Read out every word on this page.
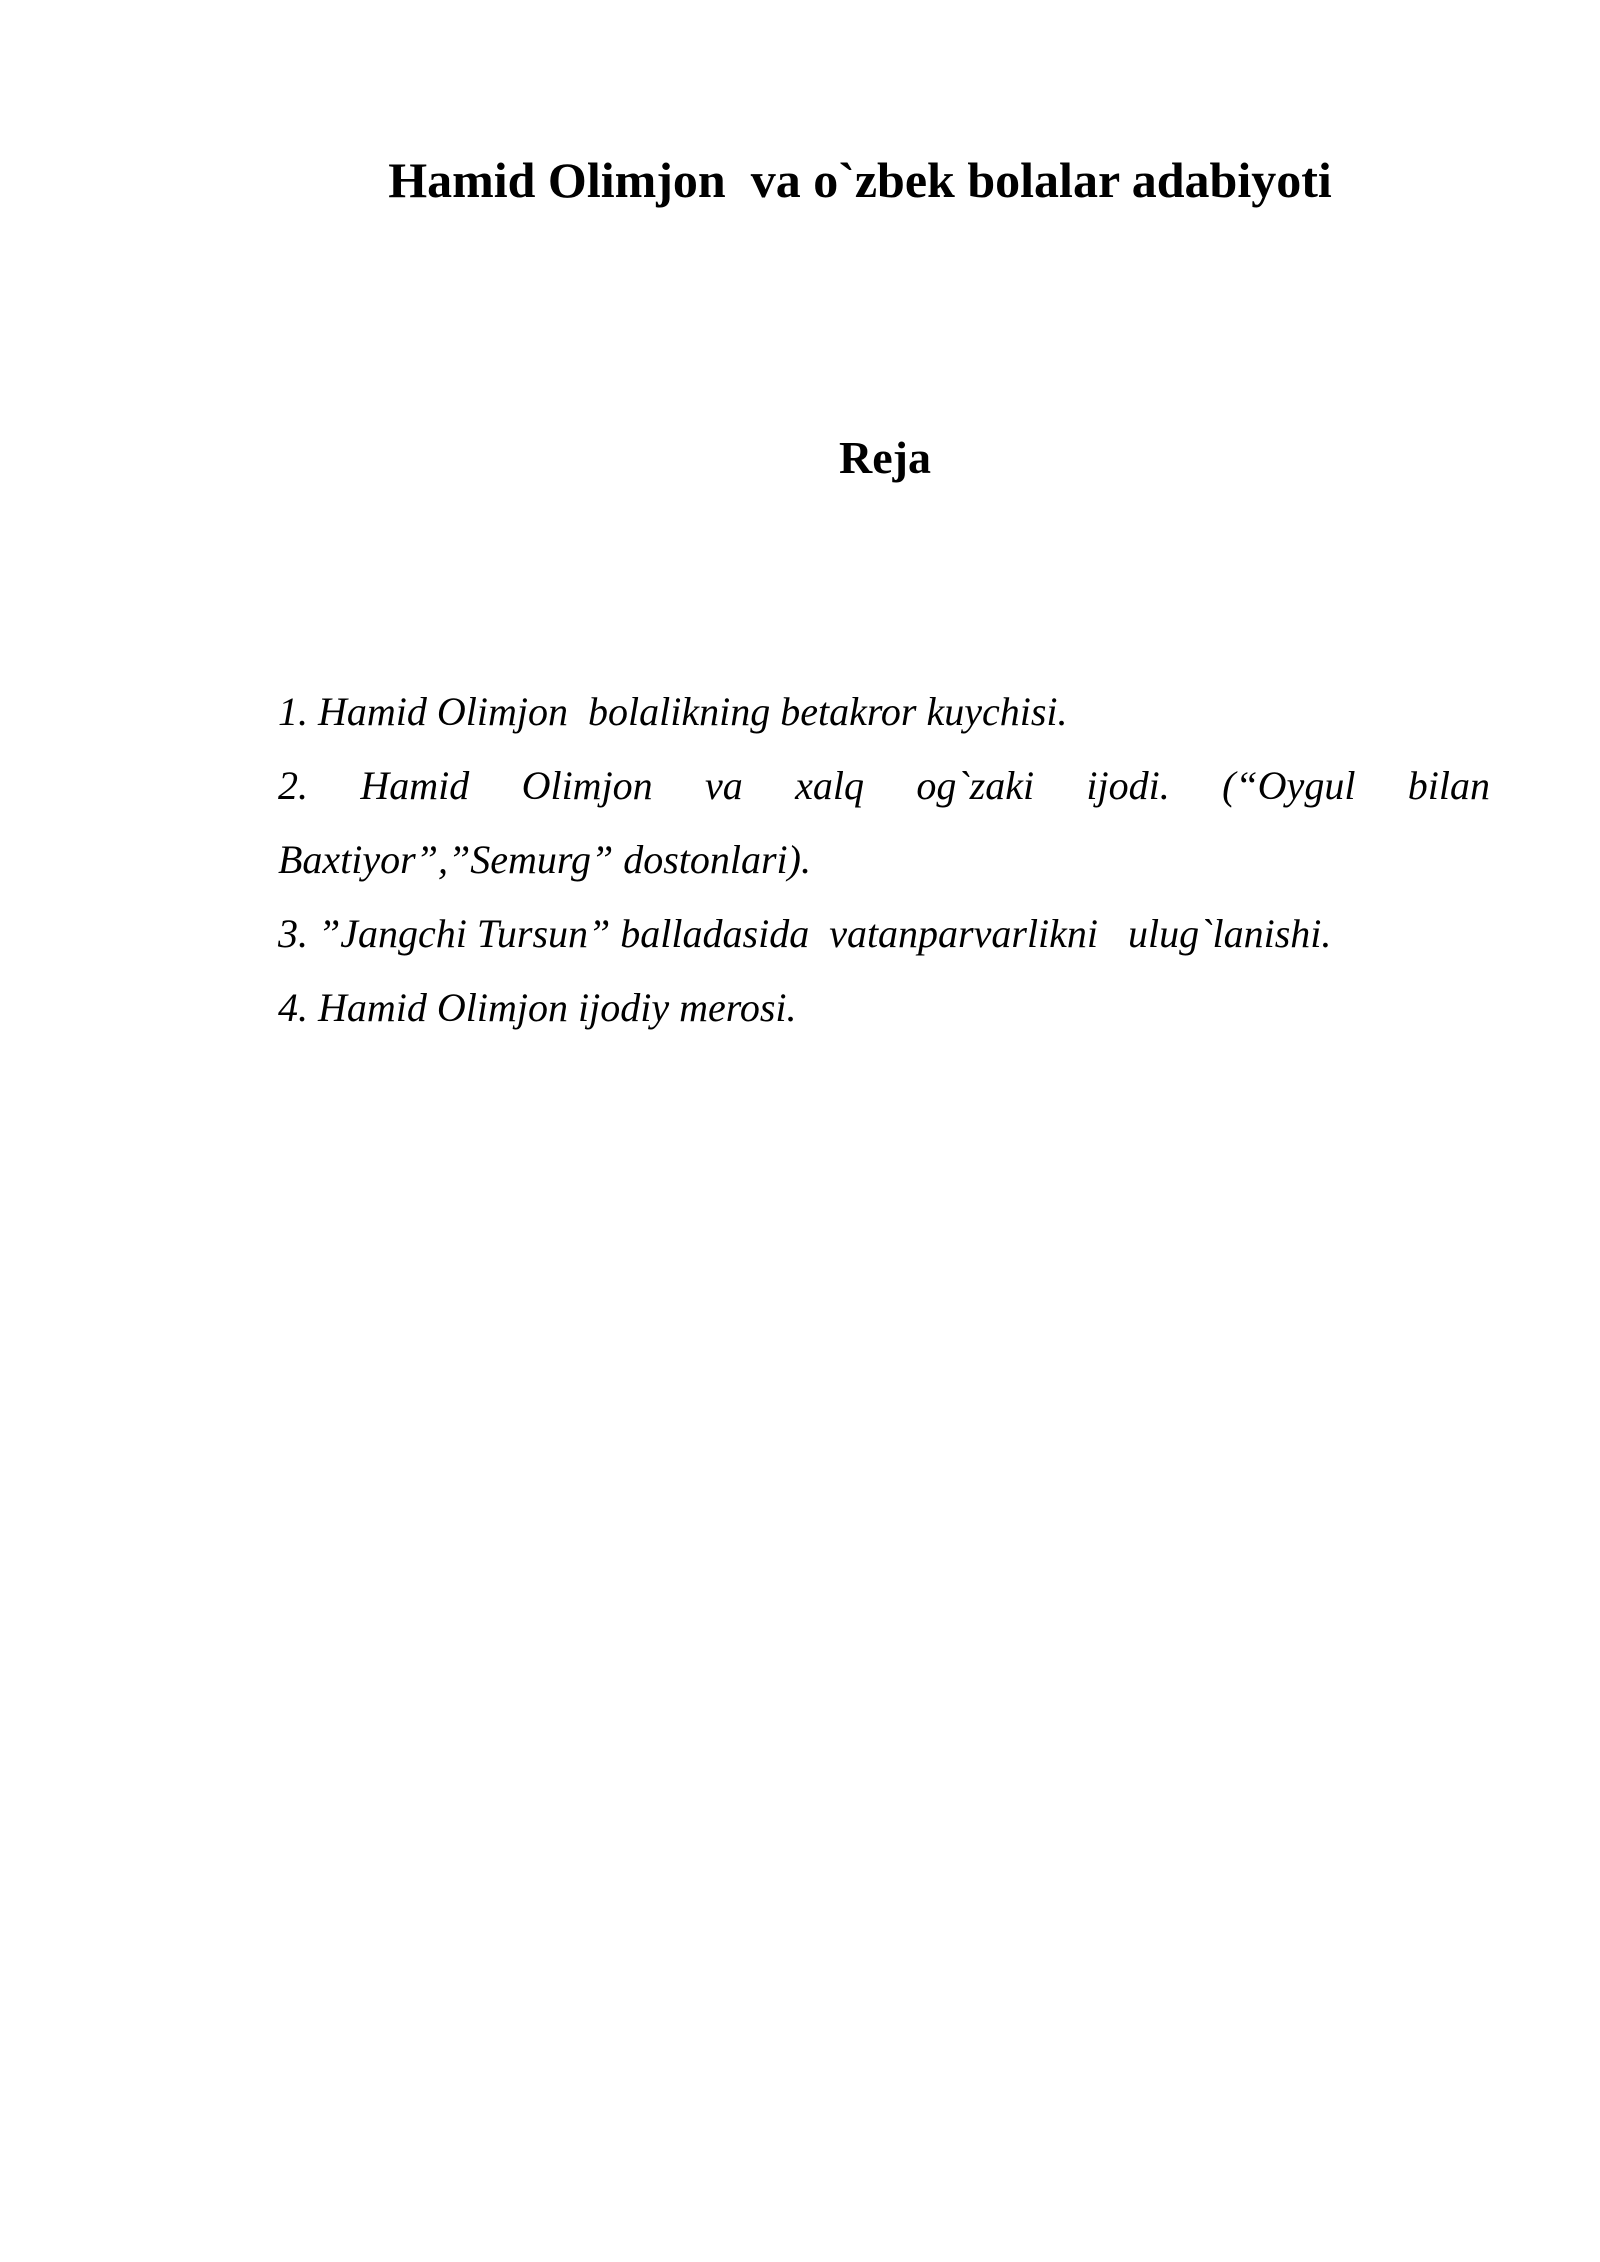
Hamid Olimjon  va o`zbek bolalar adabiyoti
Reja
1. Hamid Olimjon  bolalikning betakror kuychisi.
2. Hamid Olimjon va xalq og`zaki ijodi. (“Oygul bilan Baxtiyor”,”Semurg” dostonlari).
3. ”Jangchi Tursun” balladasida  vatanparvarlikni   ulug`lanishi.
4. Hamid Olimjon ijodiy merosi.
